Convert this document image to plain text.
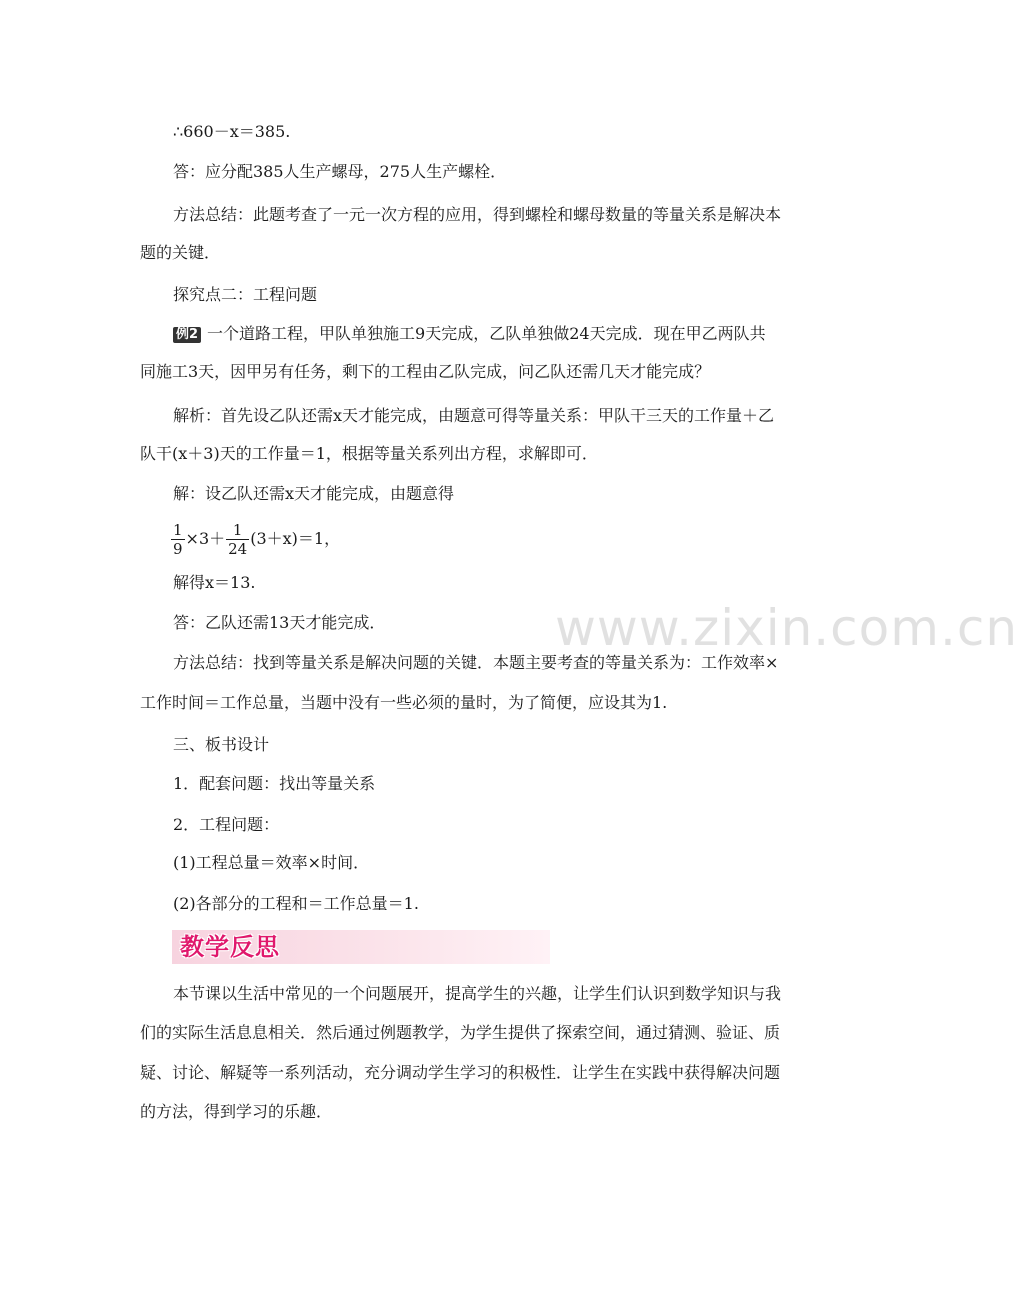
∴660－x＝385.
答：应分配385人生产螺母，275人生产螺栓．
方法总结：此题考查了一元一次方程的应用，得到螺栓和螺母数量的等量关系是解决本
题的关键．
探究点二：工程问题
例2 一个道路工程，甲队单独施工9天完成，乙队单独做24天完成．现在甲乙两队共
同施工3天，因甲另有任务，剩下的工程由乙队完成，问乙队还需几天才能完成？
解析：首先设乙队还需x天才能完成，由题意可得等量关系：甲队干三天的工作量＋乙
队干(x＋3)天的工作量＝1，根据等量关系列出方程，求解即可．
解：设乙队还需x天才能完成，由题意得
$\frac{1}{9} \times 3+ \frac{1}{24} (3+x)=1$，
解得x＝13.
答：乙队还需13天才能完成．
方法总结：找到等量关系是解决问题的关键．本题主要考查的等量关系为：工作效率×
工作时间＝工作总量，当题中没有一些必须的量时，为了简便，应设其为1.
三、板书设计
1．配套问题：找出等量关系
2．工程问题：
(1)工程总量＝效率×时间．
(2)各部分的工程和＝工作总量＝1.
教学反思
本节课以生活中常见的一个问题展开，提高学生的兴趣，让学生们认识到数学知识与我
们的实际生活息息相关．然后通过例题教学，为学生提供了探索空间，通过猜测、验证、质
疑、讨论、解疑等一系列活动，充分调动学生学习的积极性．让学生在实践中获得解决问题
的方法，得到学习的乐趣．
www.zixin.com.cn
